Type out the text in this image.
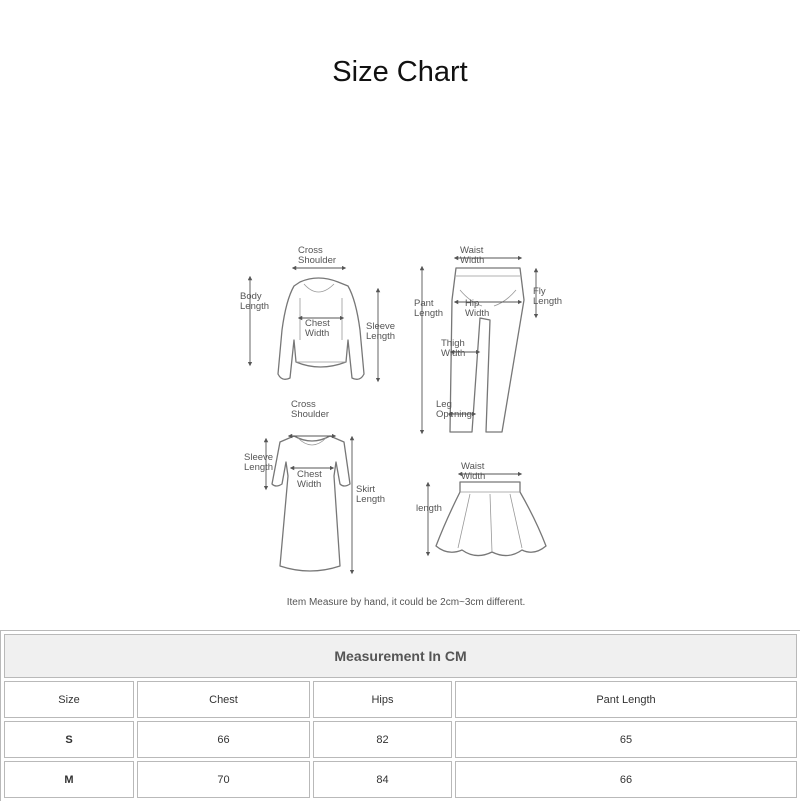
Size Chart
Cross Shoulder
Body Length
Chest Width
Sleeve Length
Waist Width
Fly Length
Pant Length
Hip Width
Thigh Width
Leg Opening
Cross Shoulder
Sleeve Length
Chest Width	Skirt Length
Waist Width
length
Item Measure by hand, it could be 2cm~3cm different.
Measurement In CM			
Size	Chest	Hips	Pant Length
S	66	82	65
M	70	84	66
